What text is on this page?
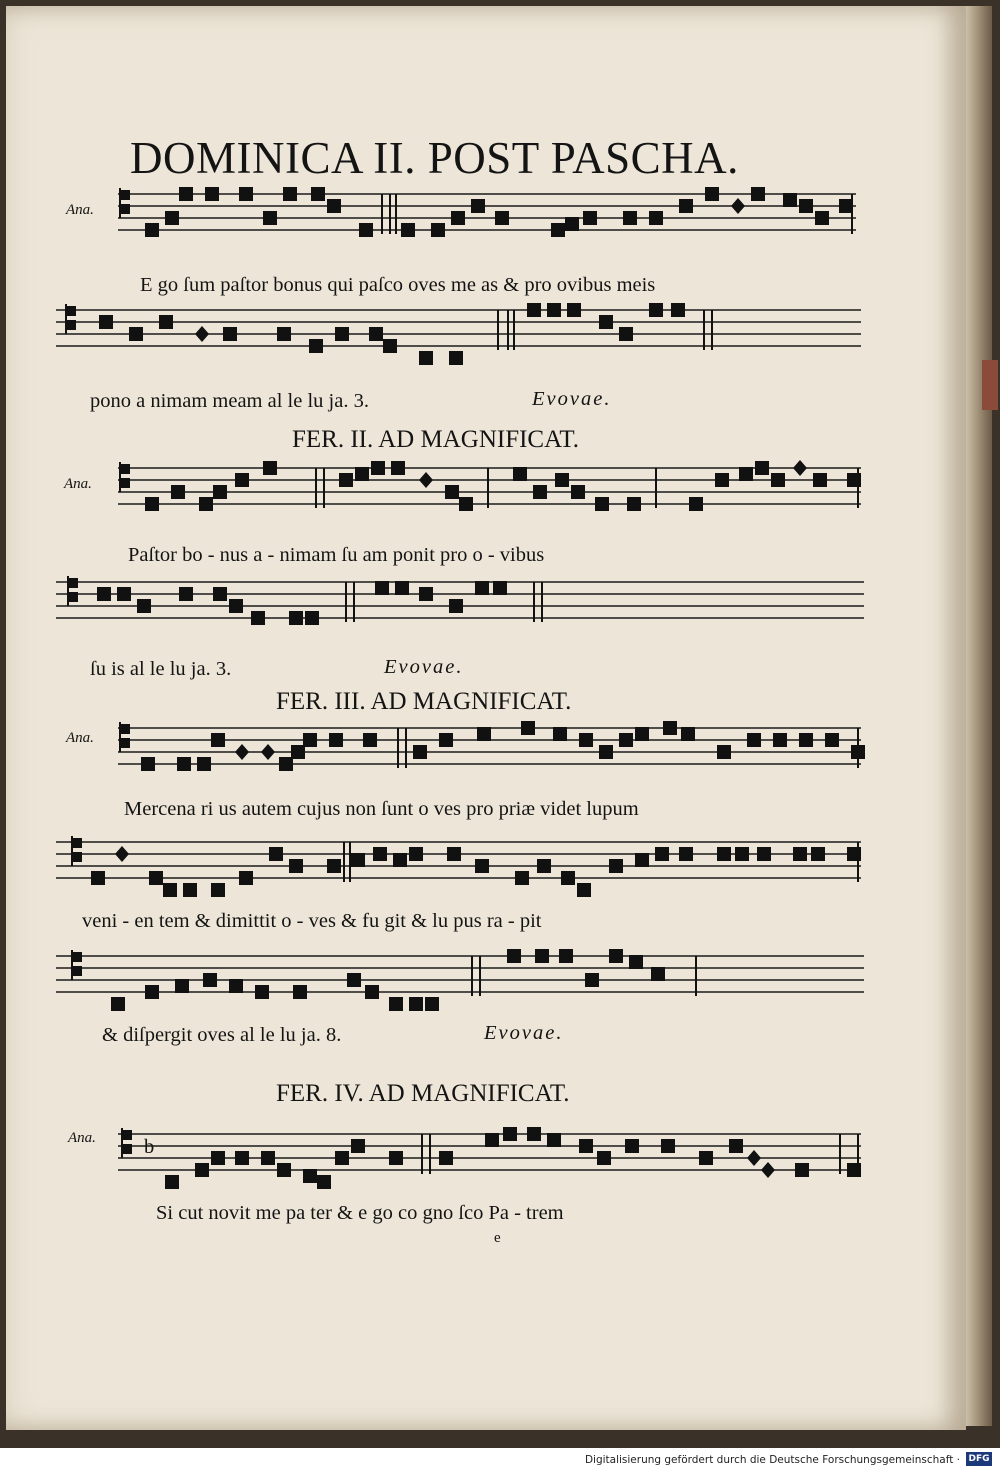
DOMINICA II. POST PASCHA.
Ana.
E go ſum paſtor bonus qui paſco oves me as & pro ovibus meis
pono a nimam meam al le lu ja. 3.	Evovae.
FER. II. AD MAGNIFICAT.
Ana.
Paſtor bo - nus a - nimam ſu am ponit pro o - vibus
ſu is al le lu ja. 3.	Evovae.
FER. III. AD MAGNIFICAT.
Ana.
Mercena ri us autem cujus non ſunt o ves pro priæ videt lupum
veni - en tem & dimittit o - ves & fu git & lu pus ra - pit
& diſpergit oves al le lu ja. 8.	Evovae.
FER. IV. AD MAGNIFICAT.
Ana. b
Si cut novit me pa ter & e go co gno ſco Pa - trem
e
Digitalisierung gefördert durch die Deutsche Forschungsgemeinschaft · DFG
